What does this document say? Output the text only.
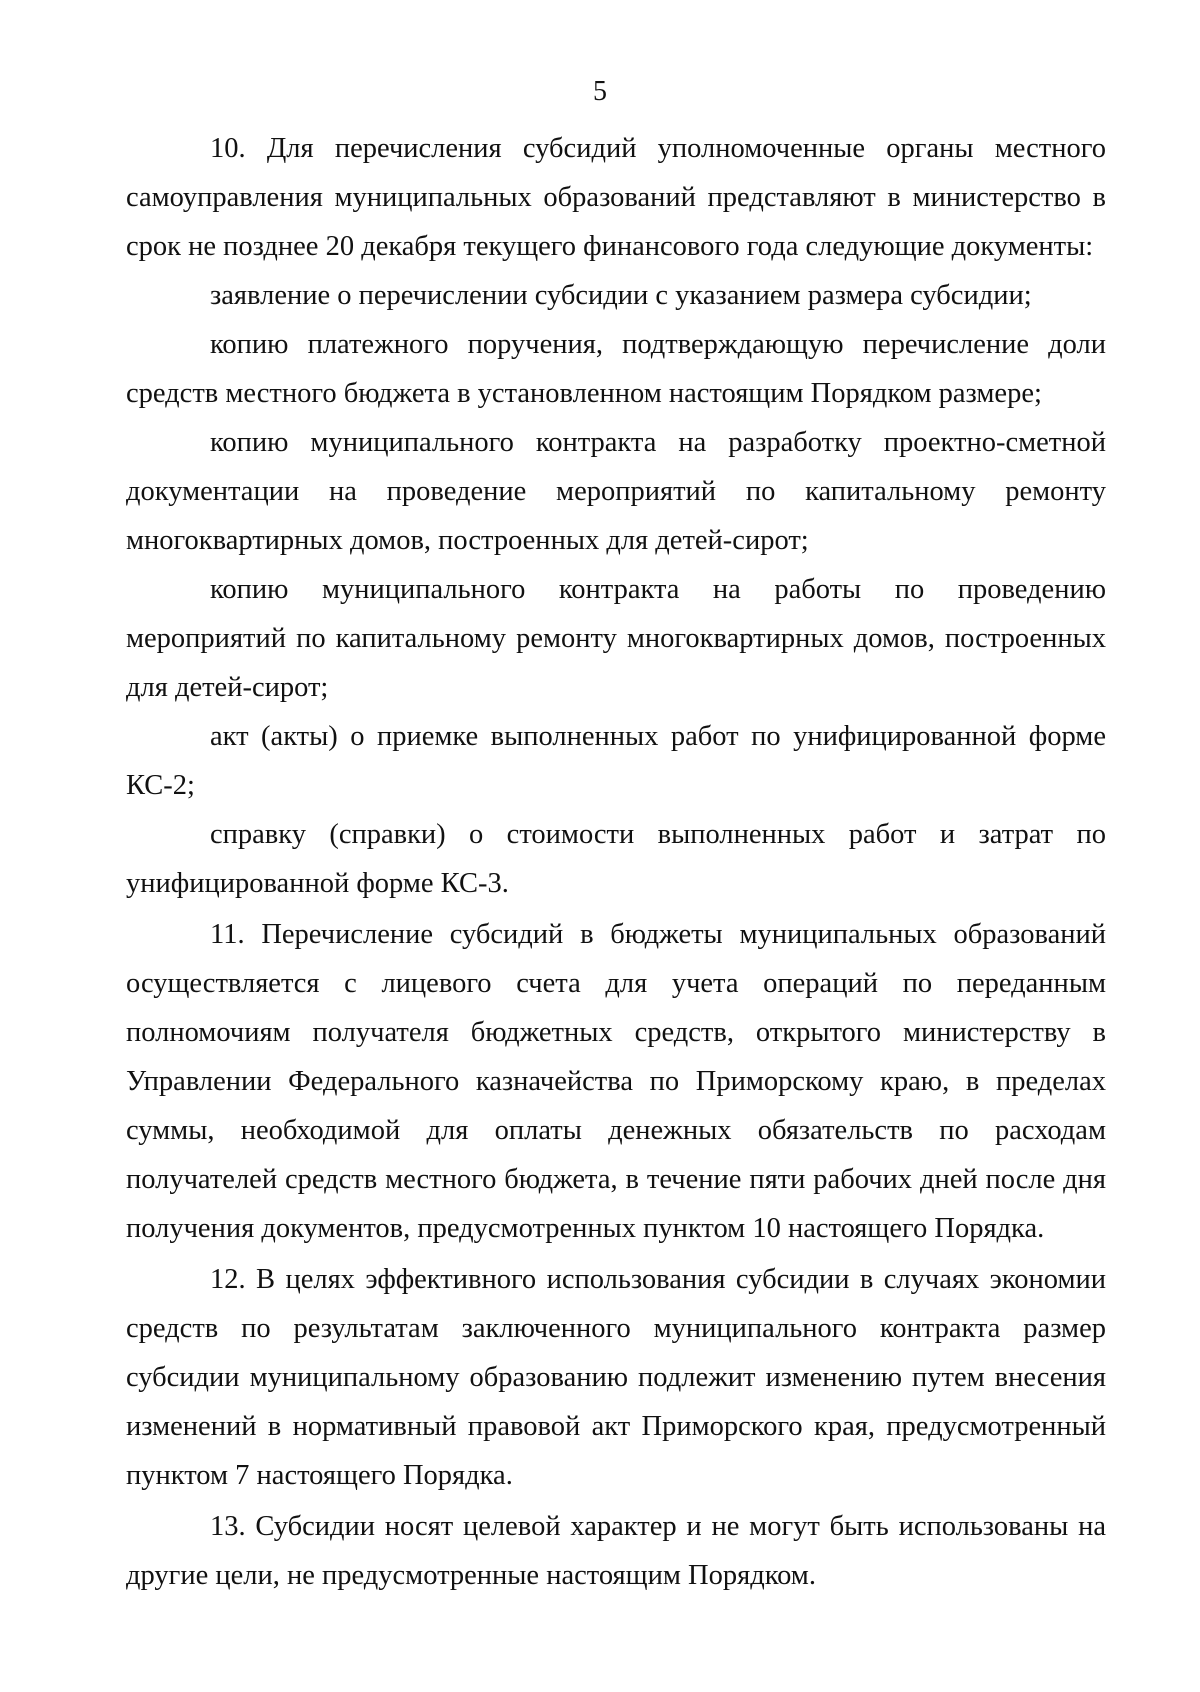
5

10. Для перечисления субсидий уполномоченные органы местного самоуправления муниципальных образований представляют в министерство в срок не позднее 20 декабря текущего финансового года следующие документы:

заявление о перечислении субсидии с указанием размера субсидии;

копию платежного поручения, подтверждающую перечисление доли средств местного бюджета в установленном настоящим Порядком размере;

копию муниципального контракта на разработку проектно-сметной документации на проведение мероприятий по капитальному ремонту многоквартирных домов, построенных для детей-сирот;

копию муниципального контракта на работы по проведению мероприятий по капитальному ремонту многоквартирных домов, построенных для детей-сирот;

акт (акты) о приемке выполненных работ по унифицированной форме КС-2;

справку (справки) о стоимости выполненных работ и затрат по унифицированной форме КС-3.

11. Перечисление субсидий в бюджеты муниципальных образований осуществляется с лицевого счета для учета операций по переданным полномочиям получателя бюджетных средств, открытого министерству в Управлении Федерального казначейства по Приморскому краю, в пределах суммы, необходимой для оплаты денежных обязательств по расходам получателей средств местного бюджета, в течение пяти рабочих дней после дня получения документов, предусмотренных пунктом 10 настоящего Порядка.

12. В целях эффективного использования субсидии в случаях экономии средств по результатам заключенного муниципального контракта размер субсидии муниципальному образованию подлежит изменению путем внесения изменений в нормативный правовой акт Приморского края, предусмотренный пунктом 7 настоящего Порядка.

13. Субсидии носят целевой характер и не могут быть использованы на другие цели, не предусмотренные настоящим Порядком.
